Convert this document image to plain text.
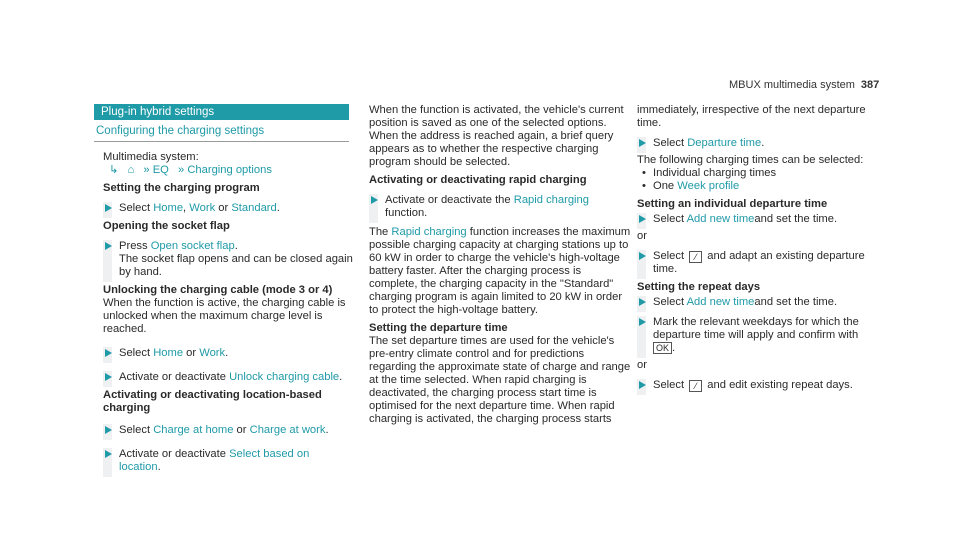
MBUX multimedia system 387
Plug-in hybrid settings
Configuring the charging settings

Multimedia system:

↳ ⌂ » EQ » Charging options

Setting the charging program

Select Home, Work or Standard.

Opening the socket flap

Press Open socket flap.
The socket flap opens and can be closed again by hand.

Unlocking the charging cable (mode 3 or 4)

When the function is active, the charging cable is unlocked when the maximum charge level is reached.

Select Home or Work.
Activate or deactivate Unlock charging cable.

Activating or deactivating location-based charging

Select Charge at home or Charge at work.
Activate or deactivate Select based on location.

When the function is activated, the vehicle's current position is saved as one of the selected options. When the address is reached again, a brief query appears as to whether the respective charging program should be selected.

Activating or deactivating rapid charging

Activate or deactivate the Rapid charging function.

The Rapid charging function increases the maximum possible charging capacity at charging stations up to 60 kW in order to charge the vehicle's high-voltage battery faster. After the charging process is complete, the charging capacity in the "Standard" charging program is again limited to 20 kW in order to protect the high-voltage battery.

Setting the departure time

The set departure times are used for the vehicle's pre-entry climate control and for predictions regarding the approximate state of charge and range at the time selected. When rapid charging is deactivated, the charging process start time is optimised for the next departure time. When rapid charging is activated, the charging process starts

immediately, irrespective of the next departure time.

Select Departure time.

The following charging times can be selected:

• Individual charging times

• One Week profile

Setting an individual departure time

Select Add new timeand set the time.

or

Select ⁄ and adapt an existing departure time.

Setting the repeat days

Select Add new timeand set the time.
Mark the relevant weekdays for which the departure time will apply and confirm with
OK .

or

Select ⁄ and edit existing repeat days.
